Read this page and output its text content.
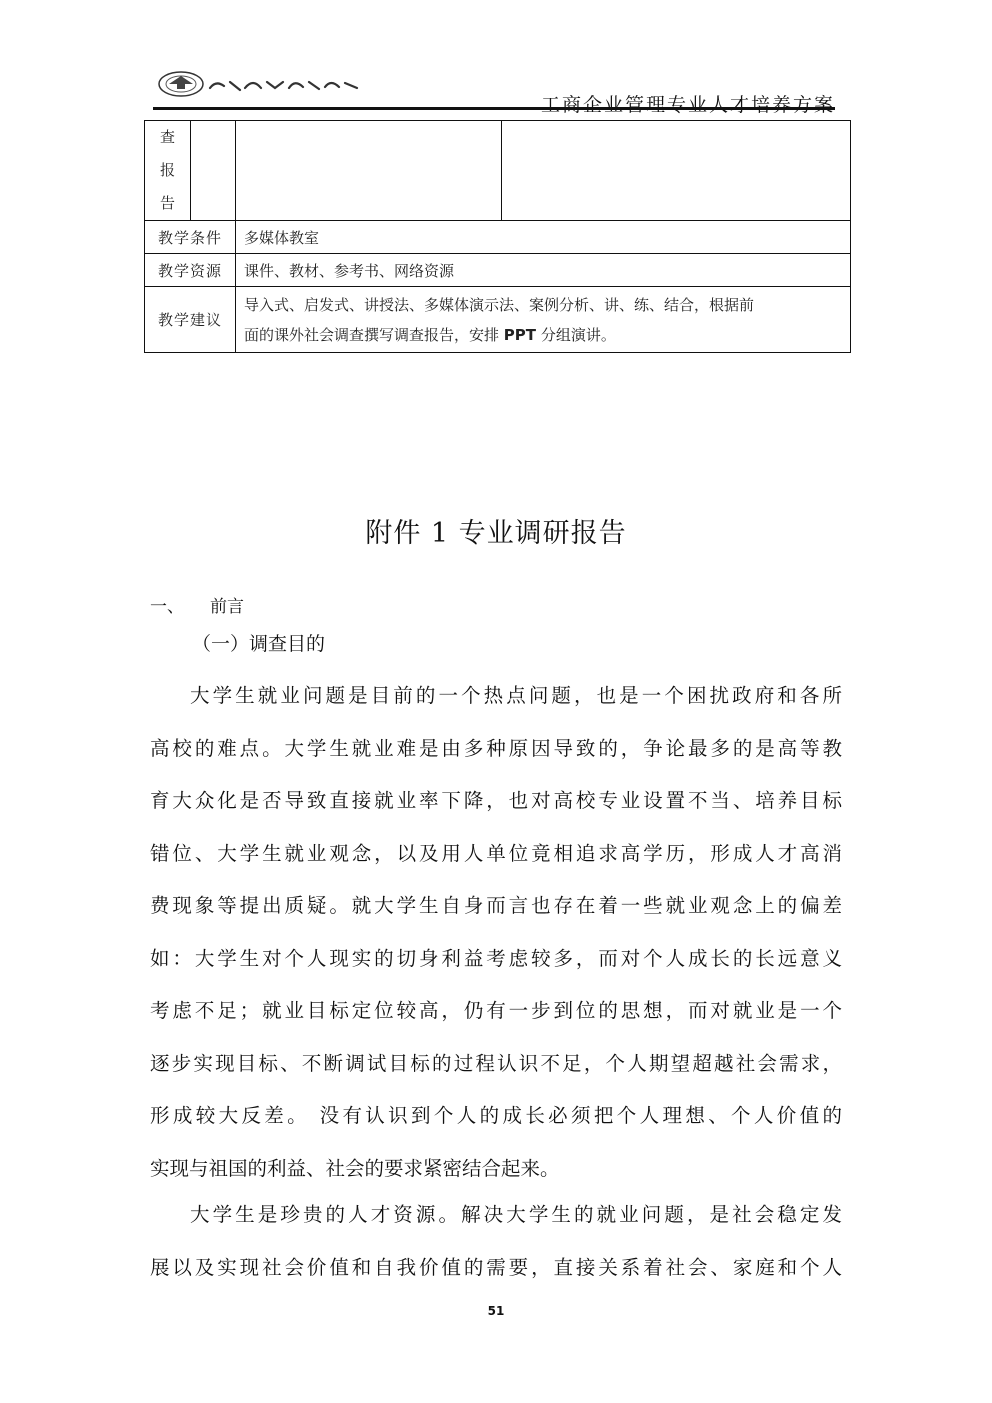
工商企业管理专业人才培养方案
查
报
告			

教学条件		多媒体教室	
教学资源		课件、教材、参考书、网络资源	
教学建议		导入式、启发式、讲授法、多媒体演示法、案例分析、讲、练、结合，根据前
面的课外社会调查撰写调查报告，安排 PPT 分组演讲。	
附件 1 专业调研报告
一、 前言
（一）调查目的
大学生就业问题是目前的一个热点问题，也是一个困扰政府和各所
高校的难点。大学生就业难是由多种原因导致的，争论最多的是高等教
育大众化是否导致直接就业率下降，也对高校专业设置不当、培养目标
错位、大学生就业观念，以及用人单位竟相追求高学历，形成人才高消
费现象等提出质疑。就大学生自身而言也存在着一些就业观念上的偏差
如：大学生对个人现实的切身利益考虑较多，而对个人成长的长远意义
考虑不足；就业目标定位较高，仍有一步到位的思想，而对就业是一个
逐步实现目标、不断调试目标的过程认识不足，个人期望超越社会需求，
形成较大反差。 没有认识到个人的成长必须把个人理想、个人价值的
实现与祖国的利益、社会的要求紧密结合起来。
大学生是珍贵的人才资源。解决大学生的就业问题，是社会稳定发
展以及实现社会价值和自我价值的需要，直接关系着社会、家庭和个人
51
